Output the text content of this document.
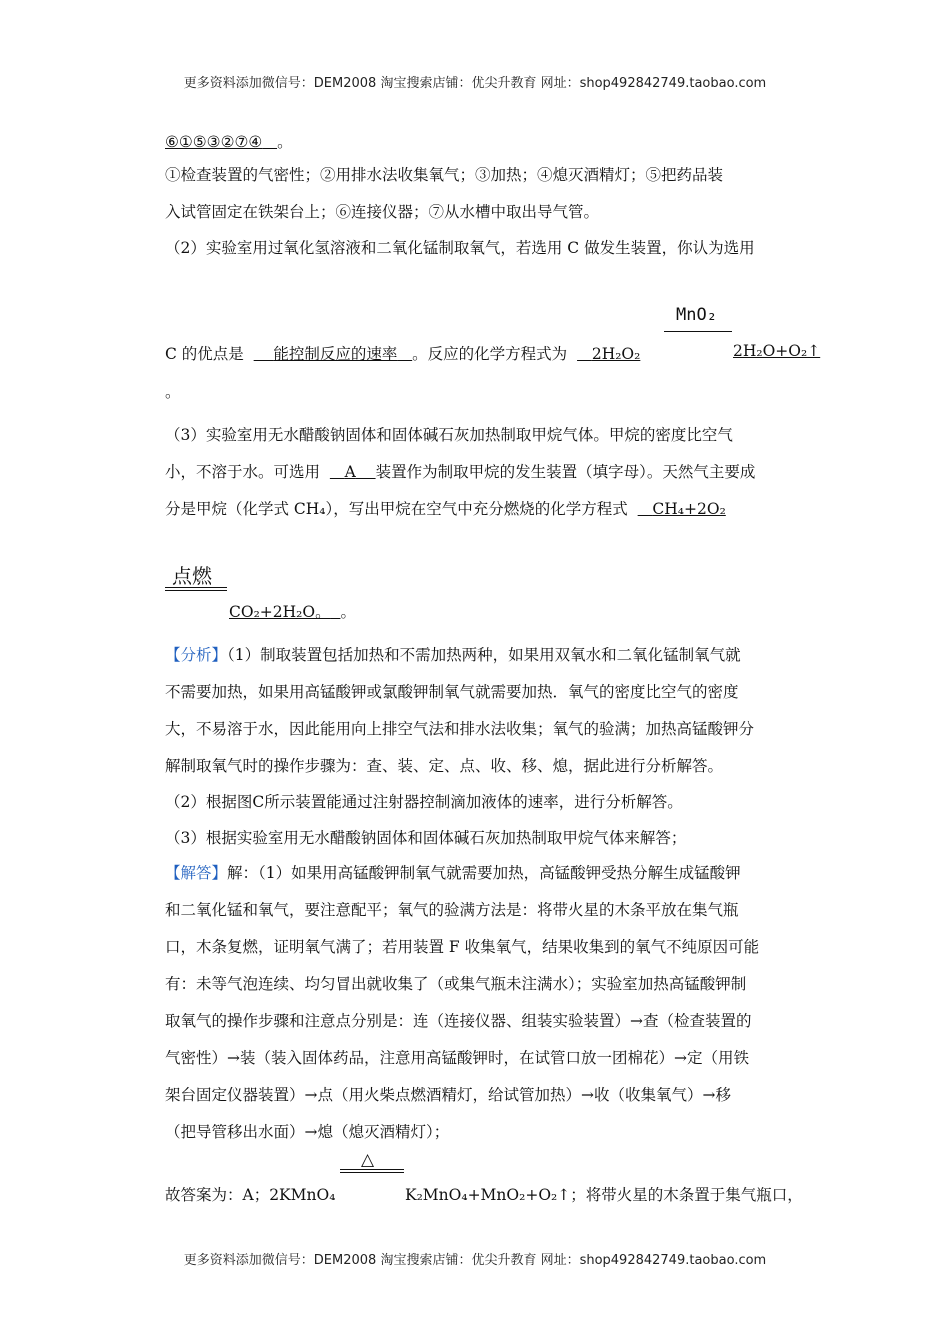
更多资料添加微信号：DEM2008 淘宝搜索店铺：优尖升教育 网址：shop492842749.taobao.com
⑥①⑤③②⑦④ 。
①检查装置的气密性；②用排水法收集氧气；③加热；④熄灭酒精灯；⑤把药品装
入试管固定在铁架台上；⑥连接仪器；⑦从水槽中取出导气管。
（2）实验室用过氧化氢溶液和二氧化锰制取氧气，若选用 C 做发生装置，你认为选用
MnO₂
C 的优点是 能控制反应的速率 。反应的化学方程式为 2H₂O₂	2H₂O+O₂↑
。
（3）实验室用无水醋酸钠固体和固体碱石灰加热制取甲烷气体。甲烷的密度比空气
小，不溶于水。可选用 A 装置作为制取甲烷的发生装置（填字母）。天然气主要成
分是甲烷（化学式 CH₄），写出甲烷在空气中充分燃烧的化学方程式 CH₄+2O₂
点燃
CO₂+2H₂O。 。
【分析】（1）制取装置包括加热和不需加热两种，如果用双氧水和二氧化锰制氧气就
不需要加热，如果用高锰酸钾或氯酸钾制氧气就需要加热．氧气的密度比空气的密度
大，不易溶于水，因此能用向上排空气法和排水法收集；氧气的验满；加热高锰酸钾分
解制取氧气时的操作步骤为：查、装、定、点、收、移、熄，据此进行分析解答。
（2）根据图C所示装置能通过注射器控制滴加液体的速率，进行分析解答。
（3）根据实验室用无水醋酸钠固体和固体碱石灰加热制取甲烷气体来解答；
【解答】解：（1）如果用高锰酸钾制氧气就需要加热，高锰酸钾受热分解生成锰酸钾
和二氧化锰和氧气，要注意配平；氧气的验满方法是：将带火星的木条平放在集气瓶
口，木条复燃，证明氧气满了；若用装置 F 收集氧气，结果收集到的氧气不纯原因可能
有：未等气泡连续、均匀冒出就收集了（或集气瓶未注满水）；实验室加热高锰酸钾制
取氧气的操作步骤和注意点分别是：连（连接仪器、组装实验装置）→查（检查装置的
气密性）→装（装入固体药品，注意用高锰酸钾时，在试管口放一团棉花）→定（用铁
架台固定仪器装置）→点（用火柴点燃酒精灯，给试管加热）→收（收集氧气）→移
（把导管移出水面）→熄（熄灭酒精灯）；
△
故答案为：A；2KMnO₄	K₂MnO₄+MnO₂+O₂↑；将带火星的木条置于集气瓶口，
更多资料添加微信号：DEM2008 淘宝搜索店铺：优尖升教育 网址：shop492842749.taobao.com
